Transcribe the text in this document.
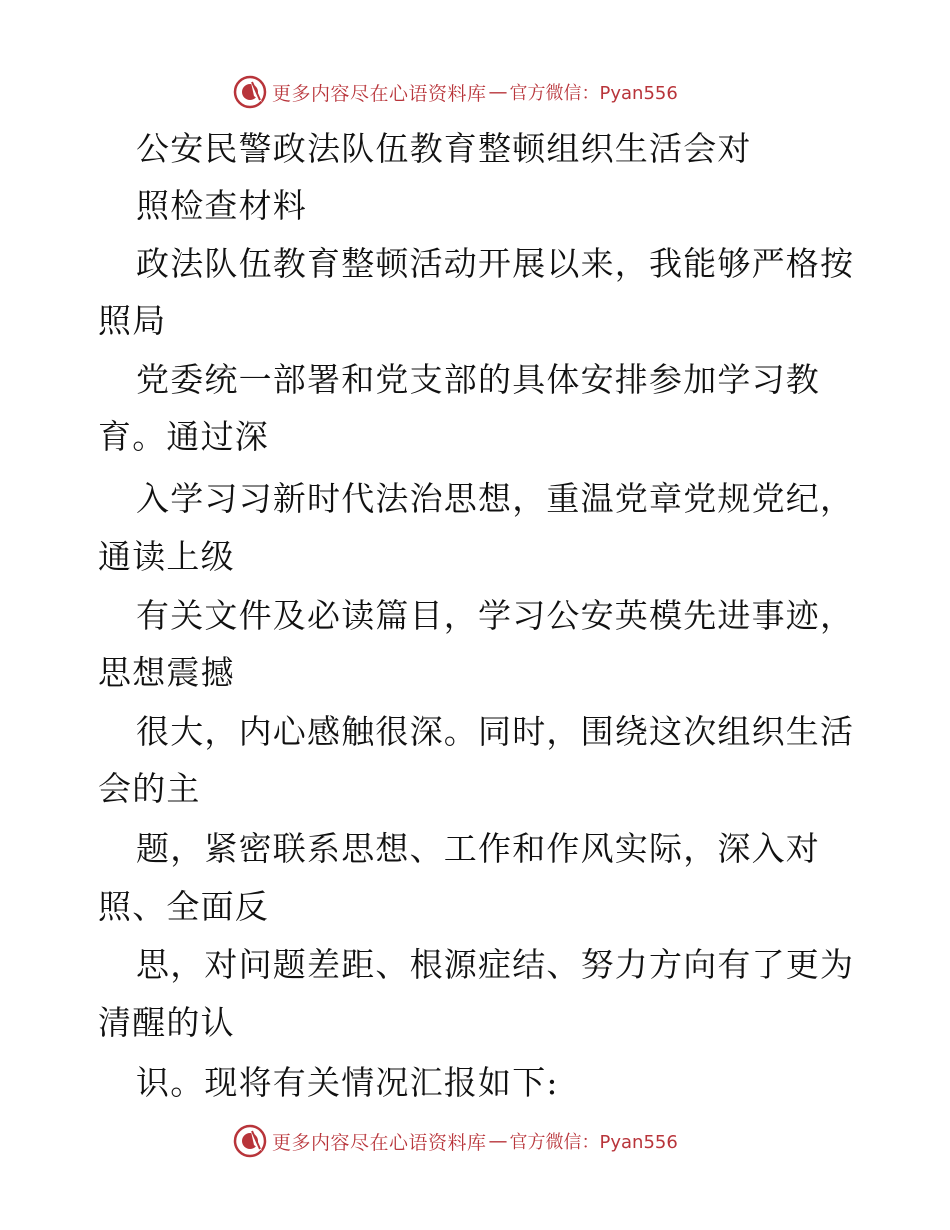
更多内容尽在心语资料库 — 官方微信：Pyan556
公安民警政法队伍教育整顿组织生活会对
照检查材料
政法队伍教育整顿活动开展以来，我能够严格按
照局
党委统一部署和党支部的具体安排参加学习教
育。通过深
入学习习新时代法治思想，重温党章党规党纪，
通读上级
有关文件及必读篇目，学习公安英模先进事迹，
思想震撼
很大，内心感触很深。同时，围绕这次组织生活
会的主
题，紧密联系思想、工作和作风实际，深入对
照、全面反
思，对问题差距、根源症结、努力方向有了更为
清醒的认
识。现将有关情况汇报如下:
更多内容尽在心语资料库 — 官方微信：Pyan556
